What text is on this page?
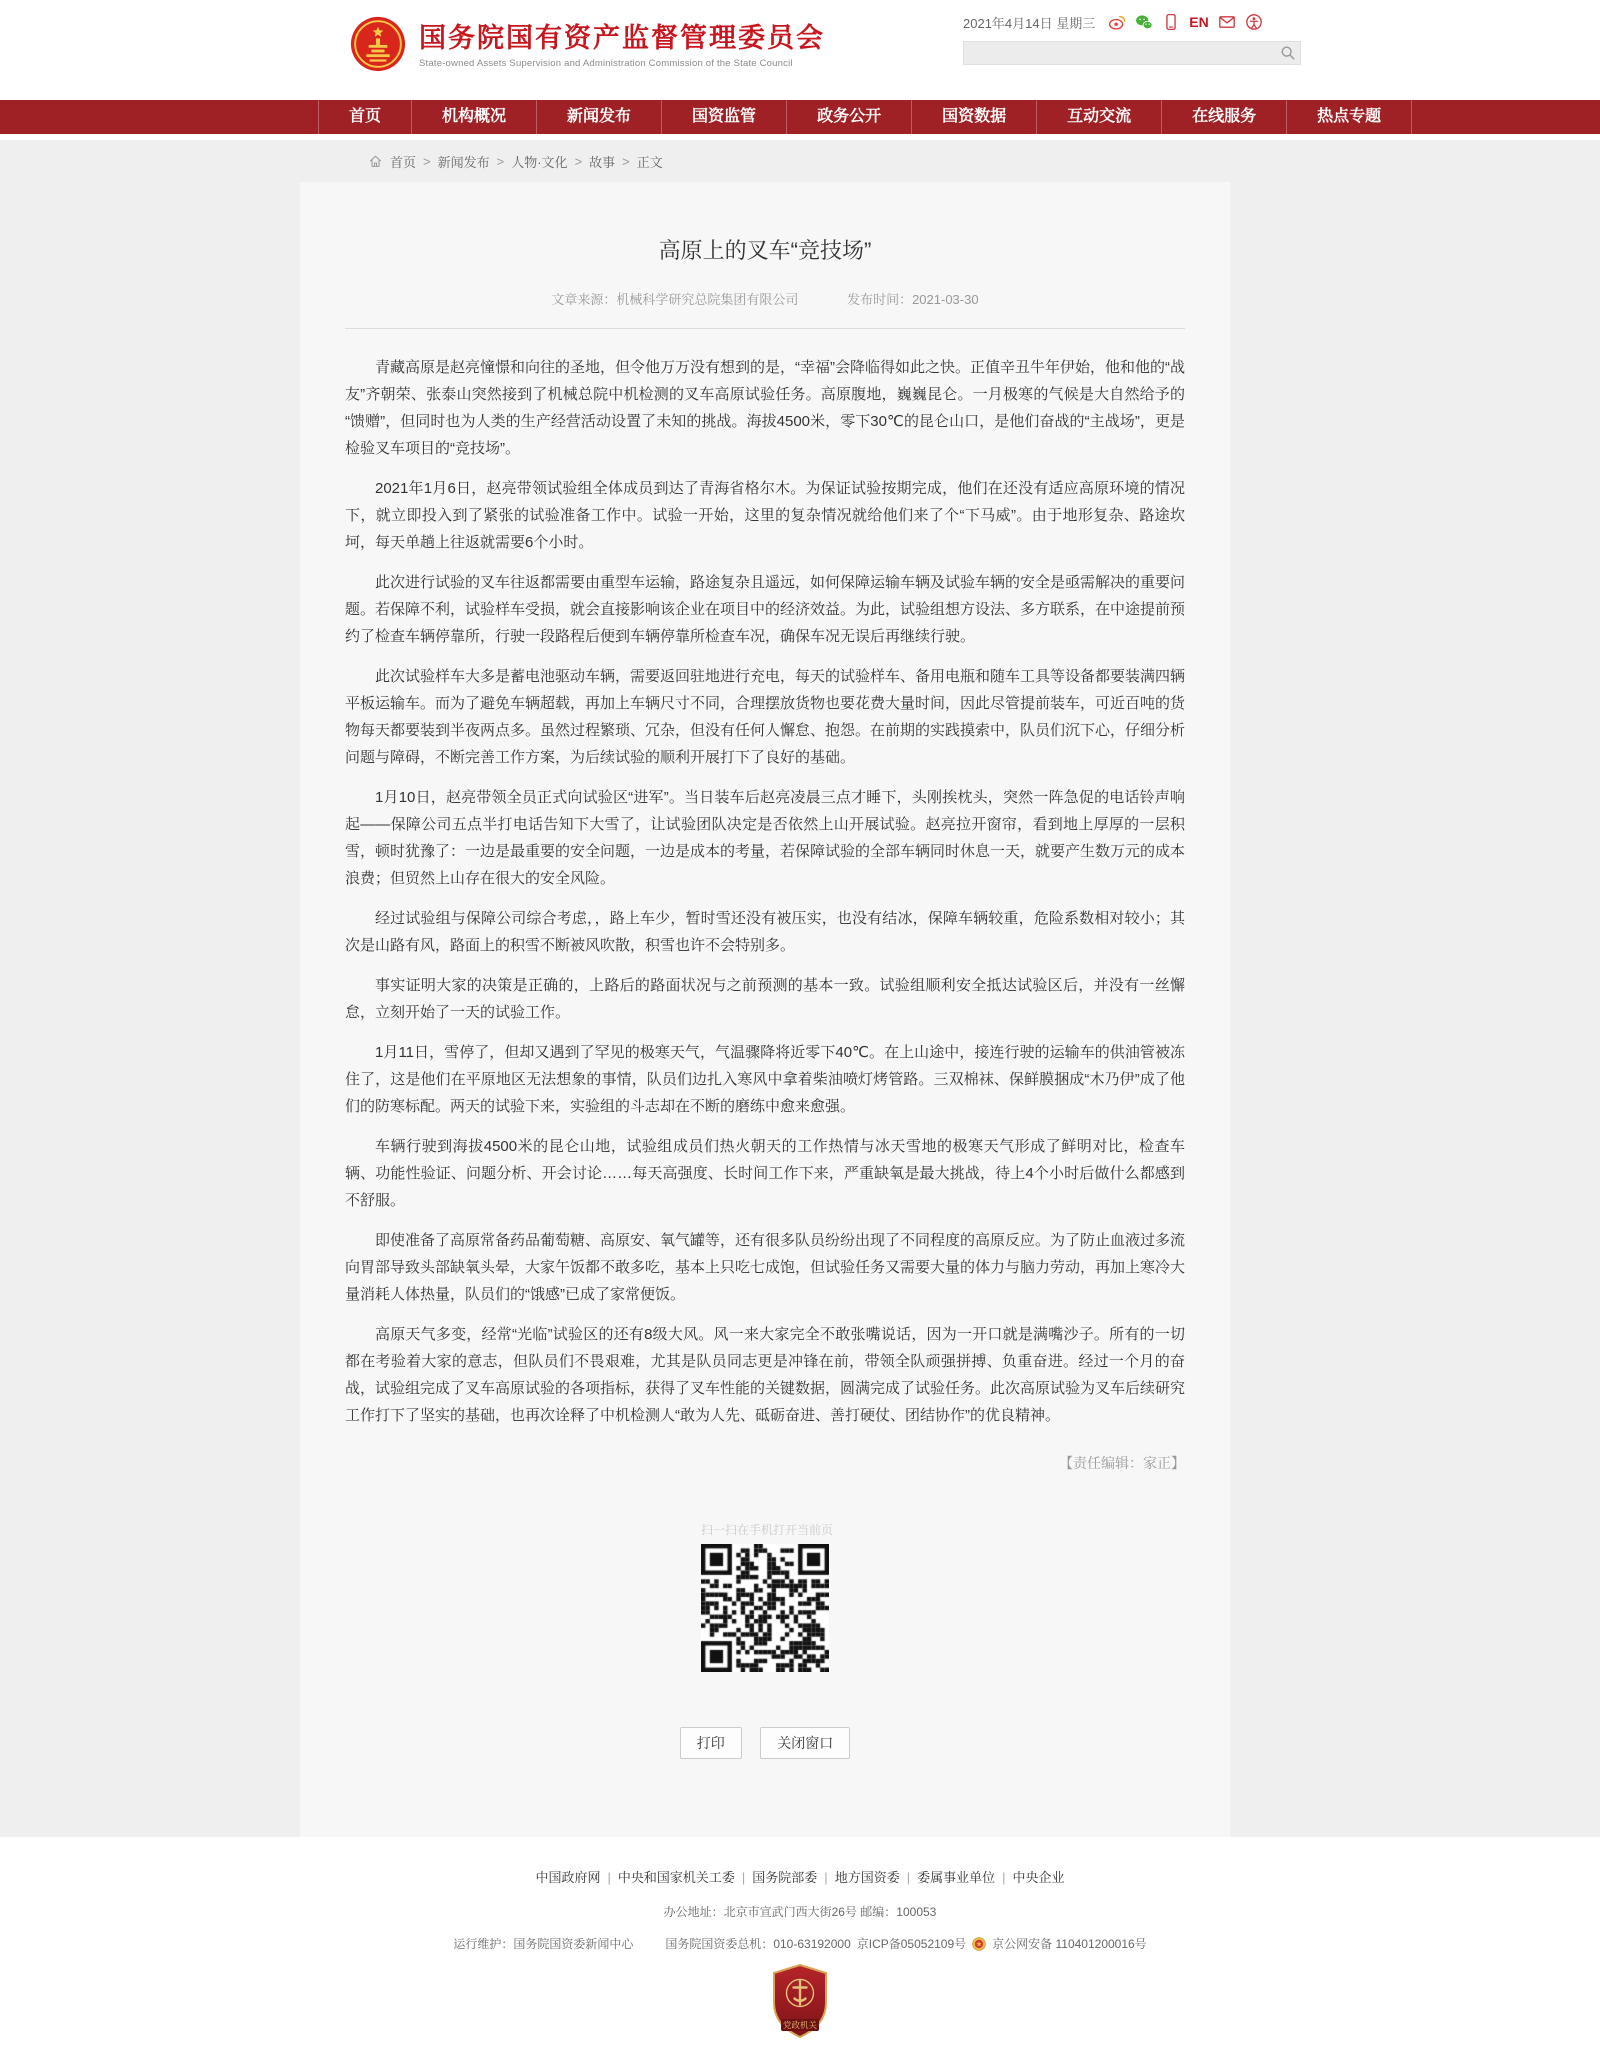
国务院国有资产监督管理委员会
State-owned Assets Supervision and Administration Commission of the State Council
2021年4月14日 星期三	EN
首页	机构概况	新闻发布	国资监管	政务公开	国资数据	互动交流	在线服务	热点专题
首页 > 新闻发布 > 人物·文化 > 故事 > 正文
高原上的叉车“竞技场”
文章来源：机械科学研究总院集团有限公司	发布时间：2021-03-30

青藏高原是赵亮憧憬和向往的圣地，但令他万万没有想到的是，“幸福”会降临得如此之快。正值辛丑牛年伊始，他和他的“战友”齐朝荣、张泰山突然接到了机械总院中机检测的叉车高原试验任务。高原腹地，巍巍昆仑。一月极寒的气候是大自然给予的“馈赠”，但同时也为人类的生产经营活动设置了未知的挑战。海拔4500米，零下30℃的昆仑山口，是他们奋战的“主战场”，更是检验叉车项目的“竞技场”。

2021年1月6日，赵亮带领试验组全体成员到达了青海省格尔木。为保证试验按期完成，他们在还没有适应高原环境的情况下，就立即投入到了紧张的试验准备工作中。试验一开始，这里的复杂情况就给他们来了个“下马威”。由于地形复杂、路途坎坷，每天单趟上往返就需要6个小时。

此次进行试验的叉车往返都需要由重型车运输，路途复杂且遥远，如何保障运输车辆及试验车辆的安全是亟需解决的重要问题。若保障不利，试验样车受损，就会直接影响该企业在项目中的经济效益。为此，试验组想方设法、多方联系，在中途提前预约了检查车辆停靠所，行驶一段路程后便到车辆停靠所检查车况，确保车况无误后再继续行驶。

此次试验样车大多是蓄电池驱动车辆，需要返回驻地进行充电，每天的试验样车、备用电瓶和随车工具等设备都要装满四辆平板运输车。而为了避免车辆超载，再加上车辆尺寸不同，合理摆放货物也要花费大量时间，因此尽管提前装车，可近百吨的货物每天都要装到半夜两点多。虽然过程繁琐、冗杂，但没有任何人懈怠、抱怨。在前期的实践摸索中，队员们沉下心，仔细分析问题与障碍，不断完善工作方案，为后续试验的顺利开展打下了良好的基础。

1月10日，赵亮带领全员正式向试验区“进军”。当日装车后赵亮凌晨三点才睡下，头刚挨枕头，突然一阵急促的电话铃声响起——保障公司五点半打电话告知下大雪了，让试验团队决定是否依然上山开展试验。赵亮拉开窗帘，看到地上厚厚的一层积雪，顿时犹豫了：一边是最重要的安全问题，一边是成本的考量，若保障试验的全部车辆同时休息一天，就要产生数万元的成本浪费；但贸然上山存在很大的安全风险。

经过试验组与保障公司综合考虑，，路上车少，暂时雪还没有被压实，也没有结冰，保障车辆较重，危险系数相对较小；其次是山路有风，路面上的积雪不断被风吹散，积雪也许不会特别多。

事实证明大家的决策是正确的，上路后的路面状况与之前预测的基本一致。试验组顺利安全抵达试验区后，并没有一丝懈怠，立刻开始了一天的试验工作。

1月11日，雪停了，但却又遇到了罕见的极寒天气，气温骤降将近零下40℃。在上山途中，接连行驶的运输车的供油管被冻住了，这是他们在平原地区无法想象的事情，队员们边扎入寒风中拿着柴油喷灯烤管路。三双棉袜、保鲜膜捆成“木乃伊”成了他们的防寒标配。两天的试验下来，实验组的斗志却在不断的磨练中愈来愈强。

车辆行驶到海拔4500米的昆仑山地，试验组成员们热火朝天的工作热情与冰天雪地的极寒天气形成了鲜明对比，检查车辆、功能性验证、问题分析、开会讨论……每天高强度、长时间工作下来，严重缺氧是最大挑战，待上4个小时后做什么都感到不舒服。

即使准备了高原常备药品葡萄糖、高原安、氧气罐等，还有很多队员纷纷出现了不同程度的高原反应。为了防止血液过多流向胃部导致头部缺氧头晕，大家午饭都不敢多吃，基本上只吃七成饱，但试验任务又需要大量的体力与脑力劳动，再加上寒冷大量消耗人体热量，队员们的“饿感”已成了家常便饭。

高原天气多变，经常“光临”试验区的还有8级大风。风一来大家完全不敢张嘴说话，因为一开口就是满嘴沙子。所有的一切都在考验着大家的意志，但队员们不畏艰难，尤其是队员同志更是冲锋在前，带领全队顽强拼搏、负重奋进。经过一个月的奋战，试验组完成了叉车高原试验的各项指标，获得了叉车性能的关键数据，圆满完成了试验任务。此次高原试验为叉车后续研究工作打下了坚实的基础，也再次诠释了中机检测人“敢为人先、砥砺奋进、善打硬仗、团结协作”的优良精神。

【责任编辑：家正】
扫一扫在手机打开当前页
打印	关闭窗口
中国政府网 | 中央和国家机关工委 | 国务院部委 | 地方国资委 | 委属事业单位 | 中央企业
办公地址：北京市宣武门西大街26号 邮编：100053
运行维护：国务院国资委新闻中心	国务院国资委总机：010-63192000 京ICP备05052109号 京公网安备 110401200016号
党政机关
